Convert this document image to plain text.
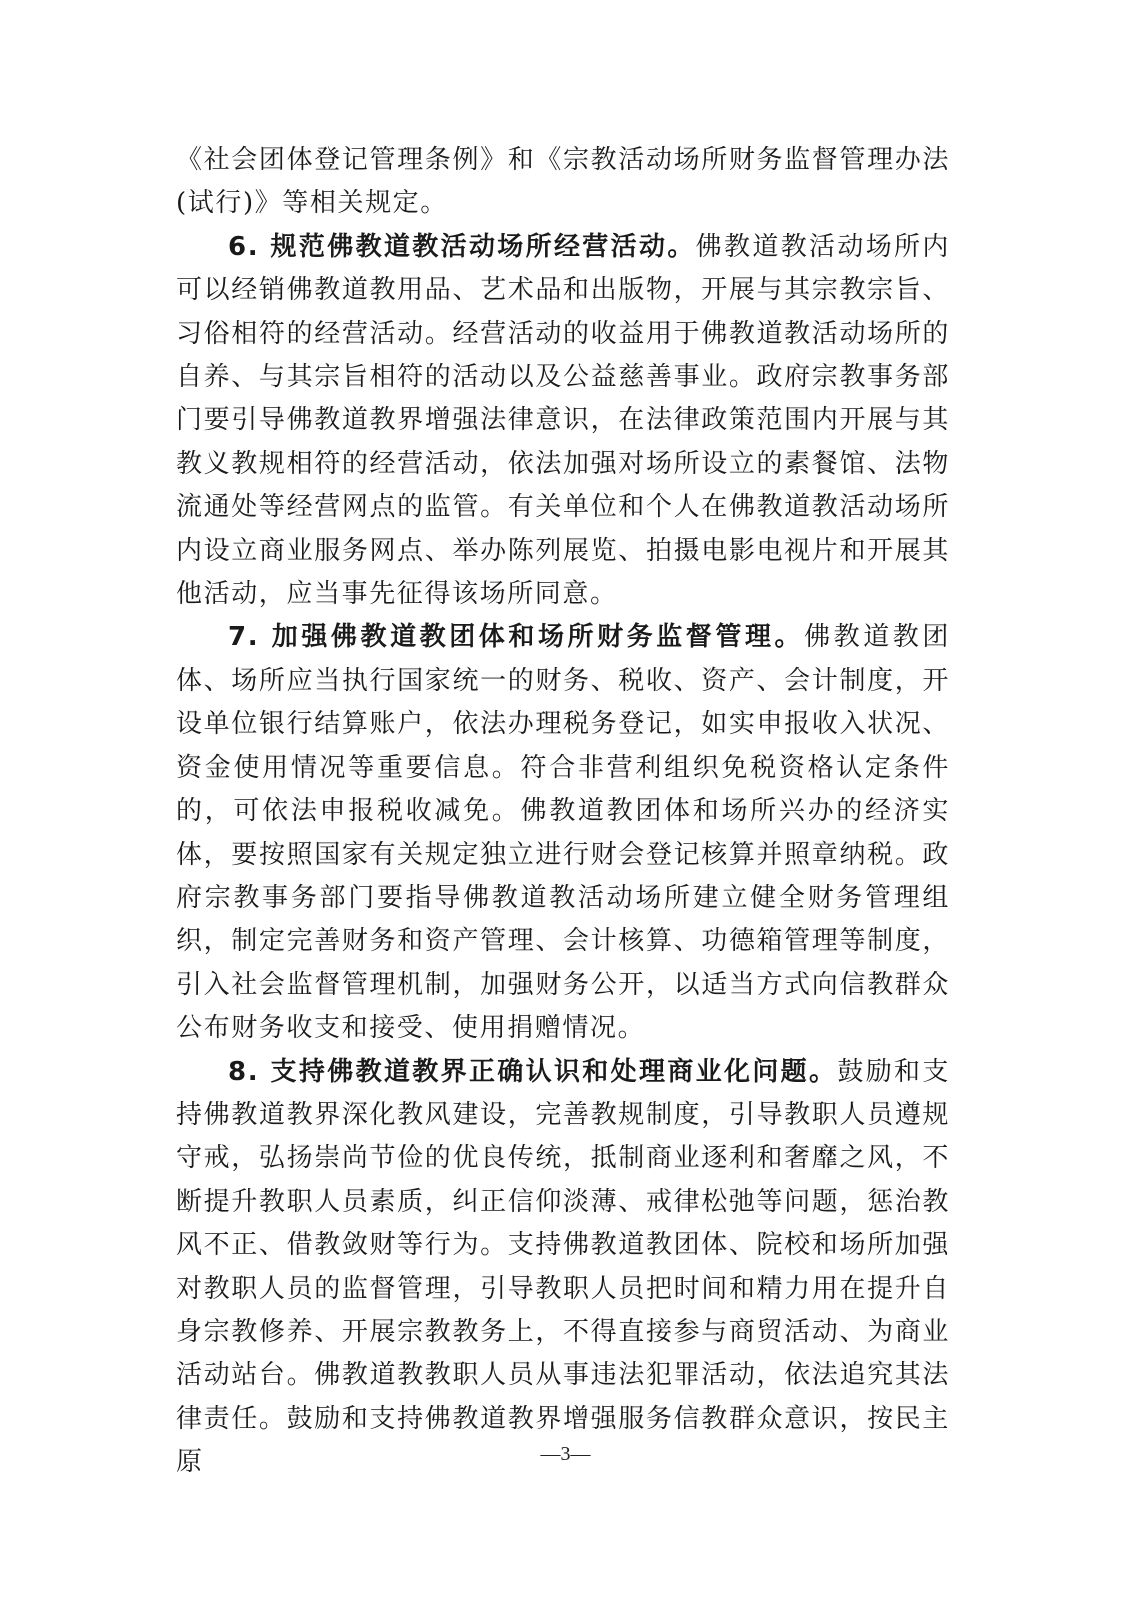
《社会团体登记管理条例》和《宗教活动场所财务监督管理办法(试行)》等相关规定。

6. 规范佛教道教活动场所经营活动。佛教道教活动场所内可以经销佛教道教用品、艺术品和出版物，开展与其宗教宗旨、习俗相符的经营活动。经营活动的收益用于佛教道教活动场所的自养、与其宗旨相符的活动以及公益慈善事业。政府宗教事务部门要引导佛教道教界增强法律意识，在法律政策范围内开展与其教义教规相符的经营活动，依法加强对场所设立的素餐馆、法物流通处等经营网点的监管。有关单位和个人在佛教道教活动场所内设立商业服务网点、举办陈列展览、拍摄电影电视片和开展其他活动，应当事先征得该场所同意。

7. 加强佛教道教团体和场所财务监督管理。佛教道教团体、场所应当执行国家统一的财务、税收、资产、会计制度，开设单位银行结算账户，依法办理税务登记，如实申报收入状况、资金使用情况等重要信息。符合非营利组织免税资格认定条件的，可依法申报税收减免。佛教道教团体和场所兴办的经济实体，要按照国家有关规定独立进行财会登记核算并照章纳税。政府宗教事务部门要指导佛教道教活动场所建立健全财务管理组织，制定完善财务和资产管理、会计核算、功德箱管理等制度，引入社会监督管理机制，加强财务公开，以适当方式向信教群众公布财务收支和接受、使用捐赠情况。

8. 支持佛教道教界正确认识和处理商业化问题。鼓励和支持佛教道教界深化教风建设，完善教规制度，引导教职人员遵规守戒，弘扬崇尚节俭的优良传统，抵制商业逐利和奢靡之风，不断提升教职人员素质，纠正信仰淡薄、戒律松弛等问题，惩治教风不正、借教敛财等行为。支持佛教道教团体、院校和场所加强对教职人员的监督管理，引导教职人员把时间和精力用在提升自身宗教修养、开展宗教教务上，不得直接参与商贸活动、为商业活动站台。佛教道教教职人员从事违法犯罪活动，依法追究其法律责任。鼓励和支持佛教道教界增强服务信教群众意识，按民主原	—3—
